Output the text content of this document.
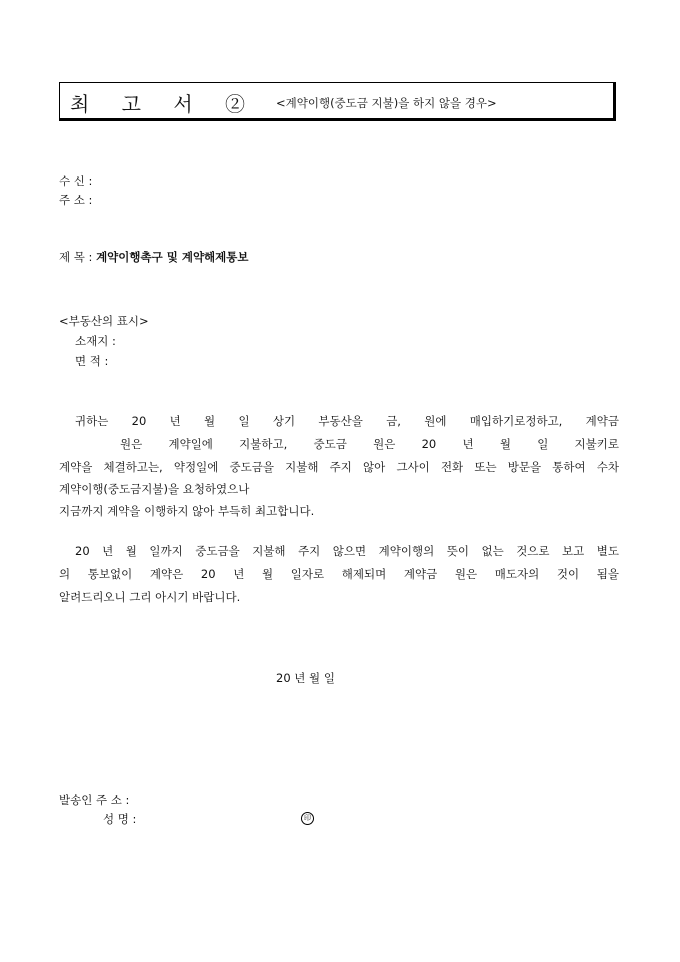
최 고 서 ② <계약이행(중도금 지불)을 하지 않을 경우>
수 신 :
주 소 :
제 목 : 계약이행촉구 및 계약해제통보
<부동산의 표시>
소재지 :
면 적 :
귀하는 20 년 월 일 상기 부동산을 금, 원에 매입하기로정하고, 계약금
원은 계약일에 지불하고, 중도금 원은 20 년 월 일 지불키로
계약을 체결하고는, 약정일에 중도금을 지불해 주지 않아 그사이 전화 또는 방문을 통하여 수차
계약이행(중도금지불)을 요청하였으나
지금까지 계약을 이행하지 않아 부득히 최고합니다.
20 년 월 일까지 중도금을 지불해 주지 않으면 계약이행의 뜻이 없는 것으로 보고 별도
의 통보없이 계약은 20 년 월 일자로 해제되며 계약금 원은 매도자의 것이 됨을
알려드리오니 그리 아시기 바랍니다.
20 년 월 일
발송인 주 소 :
성 명 :	印
